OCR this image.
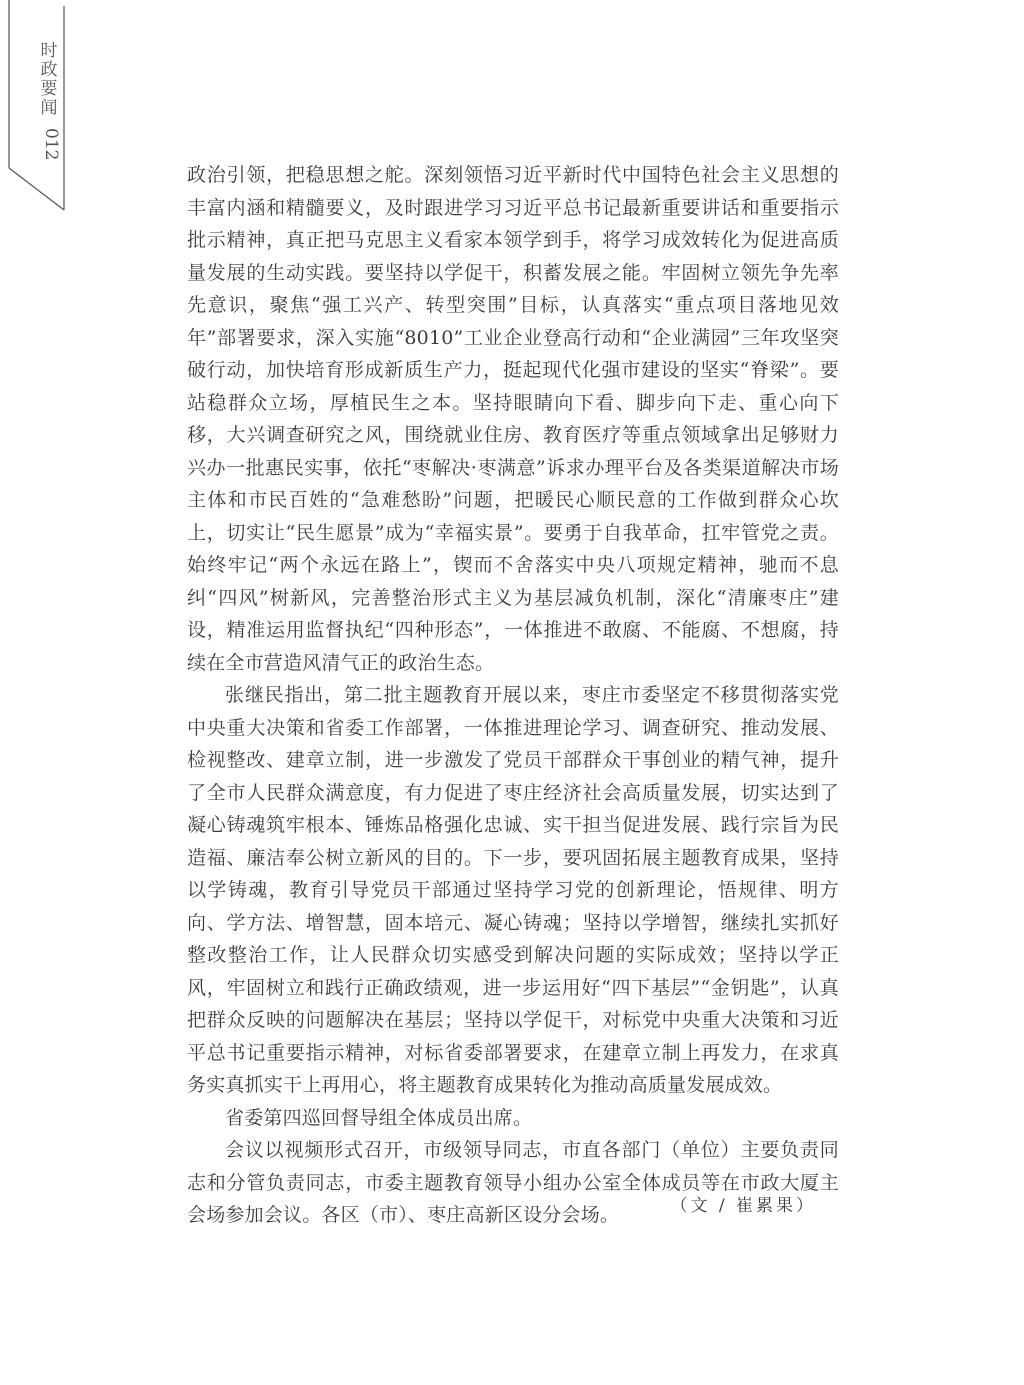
时政要闻
012

政治引领，把稳思想之舵。深刻领悟习近平新时代中国特色社会主义思想的丰富内涵和精髓要义，及时跟进学习习近平总书记最新重要讲话和重要指示批示精神，真正把马克思主义看家本领学到手，将学习成效转化为促进高质量发展的生动实践。要坚持以学促干，积蓄发展之能。牢固树立领先争先率先意识，聚焦“强工兴产、转型突围”目标，认真落实“重点项目落地见效年”部署要求，深入实施“8010”工业企业登高行动和“企业满园”三年攻坚突破行动，加快培育形成新质生产力，挺起现代化强市建设的坚实“脊梁”。要站稳群众立场，厚植民生之本。坚持眼睛向下看、脚步向下走、重心向下移，大兴调查研究之风，围绕就业住房、教育医疗等重点领域拿出足够财力兴办一批惠民实事，依托“枣解决·枣满意”诉求办理平台及各类渠道解决市场主体和市民百姓的“急难愁盼”问题，把暖民心顺民意的工作做到群众心坎上，切实让“民生愿景”成为“幸福实景”。要勇于自我革命，扛牢管党之责。始终牢记“两个永远在路上”，锲而不舍落实中央八项规定精神，驰而不息纠“四风”树新风，完善整治形式主义为基层减负机制，深化“清廉枣庄”建设，精准运用监督执纪“四种形态”，一体推进不敢腐、不能腐、不想腐，持续在全市营造风清气正的政治生态。

张继民指出，第二批主题教育开展以来，枣庄市委坚定不移贯彻落实党中央重大决策和省委工作部署，一体推进理论学习、调查研究、推动发展、检视整改、建章立制，进一步激发了党员干部群众干事创业的精气神，提升了全市人民群众满意度，有力促进了枣庄经济社会高质量发展，切实达到了凝心铸魂筑牢根本、锤炼品格强化忠诚、实干担当促进发展、践行宗旨为民造福、廉洁奉公树立新风的目的。下一步，要巩固拓展主题教育成果，坚持以学铸魂，教育引导党员干部通过坚持学习党的创新理论，悟规律、明方向、学方法、增智慧，固本培元、凝心铸魂；坚持以学增智，继续扎实抓好整改整治工作，让人民群众切实感受到解决问题的实际成效；坚持以学正风，牢固树立和践行正确政绩观，进一步运用好“四下基层”“金钥匙”，认真把群众反映的问题解决在基层；坚持以学促干，对标党中央重大决策和习近平总书记重要指示精神，对标省委部署要求，在建章立制上再发力，在求真务实真抓实干上再用心，将主题教育成果转化为推动高质量发展成效。

省委第四巡回督导组全体成员出席。

会议以视频形式召开，市级领导同志，市直各部门（单位）主要负责同志和分管负责同志，市委主题教育领导小组办公室全体成员等在市政大厦主会场参加会议。各区（市）、枣庄高新区设分会场。	（文 / 崔累果）
